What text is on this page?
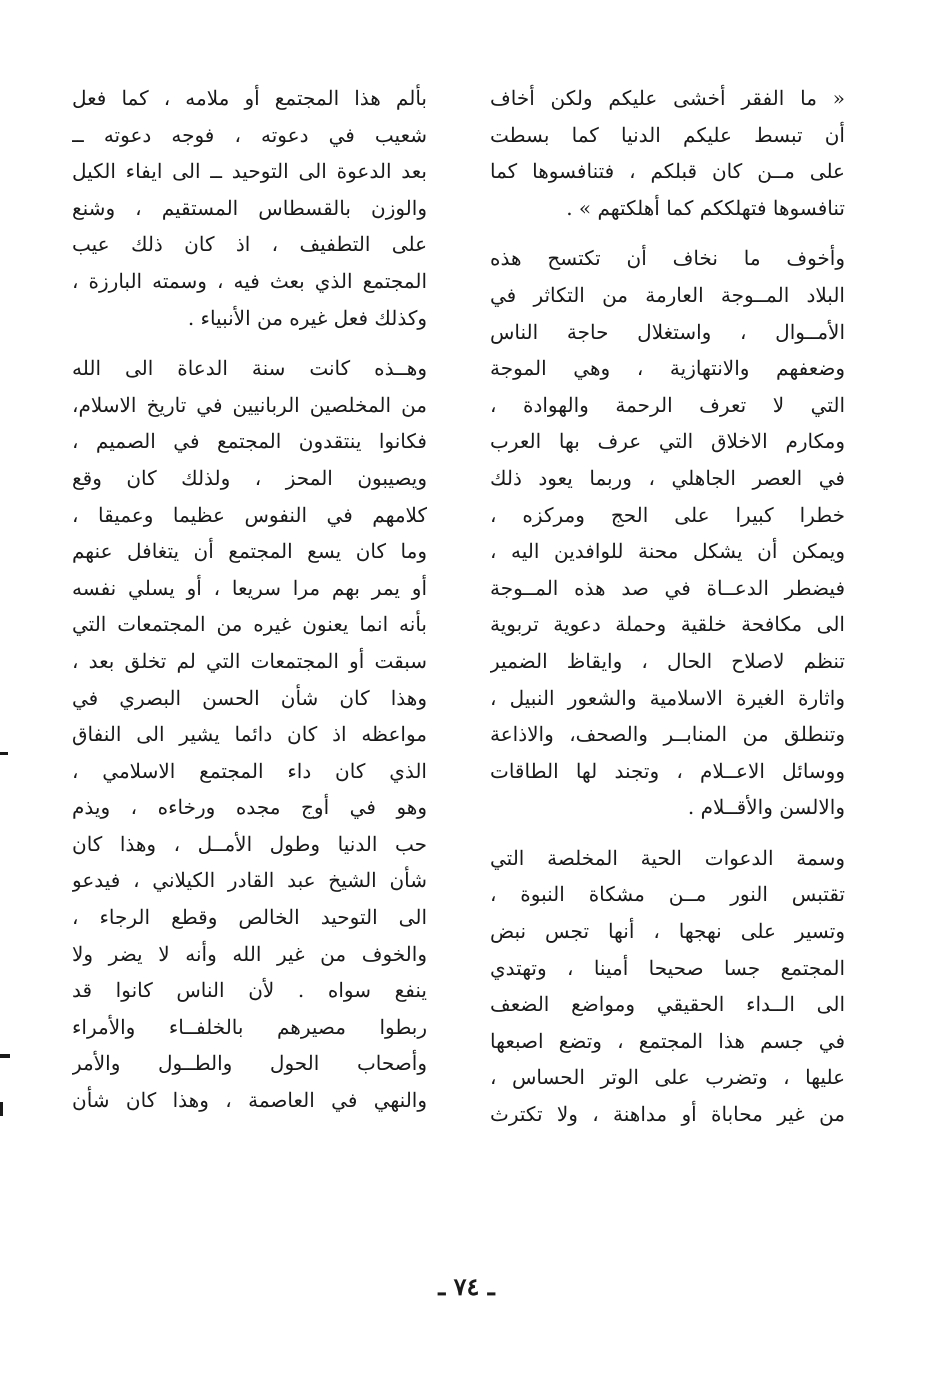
« ما الفقر أخشى عليكم ولكن أخاف
أن تبسط عليكم الدنيا كما بسطت
على مــن كان قبلكم ، فتنافسوها كما
تنافسوها فتهلككم كما أهلكتهم » .
وأخوف ما نخاف أن تكتسح هذه
البلاد المــوجة العارمة من التكاثر في
الأمــوال ، واستغلال حاجة الناس
وضعفهم والانتهازية ، وهي الموجة
التي لا تعرف الرحمة والهوادة ،
ومكارم الاخلاق التي عرف بها العرب
في العصر الجاهلي ، وربما يعود ذلك
خطرا كبيرا على الحج ومركزه ،
ويمكن أن يشكل محنة للوافدين اليه ،
فيضطر الدعــاة في صد هذه المــوجة
الى مكافحة خلقية وحملة دعوية تربوية
تنظم لاصلاح الحال ، وايقاظ الضمير
واثارة الغيرة الاسلامية والشعور النبيل ،
وتنطلق من المنابــر والصحف، والاذاعة
ووسائل الاعــلام ، وتجند لها الطاقات
والالسن والأقــلام .
وسمة الدعوات الحية المخلصة التي
تقتبس النور مــن مشكاة النبوة ،
وتسير على نهجها ، أنها تجس نبض
المجتمع جسا صحيحا أمينا ، وتهتدي
الى الــداء الحقيقي ومواضع الضعف
في جسم هذا المجتمع ، وتضع اصبعها
عليها ، وتضرب على الوتر الحساس ،
من غير محاباة أو مداهنة ، ولا تكترث
بألم هذا المجتمع أو ملامه ، كما فعل
شعيب في دعوته ، فوجه دعوته ــ
بعد الدعوة الى التوحيد ــ الى ايفاء الكيل
والوزن بالقسطاس المستقيم ، وشنع
على التطفيف ، اذ كان ذلك عيب
المجتمع الذي بعث فيه ، وسمته البارزة ،
وكذلك فعل غيره من الأنبياء .
وهــذه كانت سنة الدعاة الى الله
من المخلصين الربانيين في تاريخ الاسلام،
فكانوا ينتقدون المجتمع في الصميم ،
ويصيبون المحز ، ولذلك كان وقع
كلامهم في النفوس عظيما وعميقا ،
وما كان يسع المجتمع أن يتغافل عنهم
أو يمر بهم مرا سريعا ، أو يسلي نفسه
بأنه انما يعنون غيره من المجتمعات التي
سبقت أو المجتمعات التي لم تخلق بعد ،
وهذا كان شأن الحسن البصري في
مواعظه اذ كان دائما يشير الى النفاق
الذي كان داء المجتمع الاسلامي ،
وهو في أوج مجده ورخاءه ، ويذم
حب الدنيا وطول الأمــل ، وهذا كان
شأن الشيخ عبد القادر الكيلاني ، فيدعو
الى التوحيد الخالص وقطع الرجاء ،
والخوف من غير الله وأنه لا يضر ولا
ينفع سواه . لأن الناس كانوا قد
ربطوا مصيرهم بالخلفــاء والأمراء
وأصحاب الحول والطــول والأمر
والنهي في العاصمة ، وهذا كان شأن
ـ ٧٤ ـ
